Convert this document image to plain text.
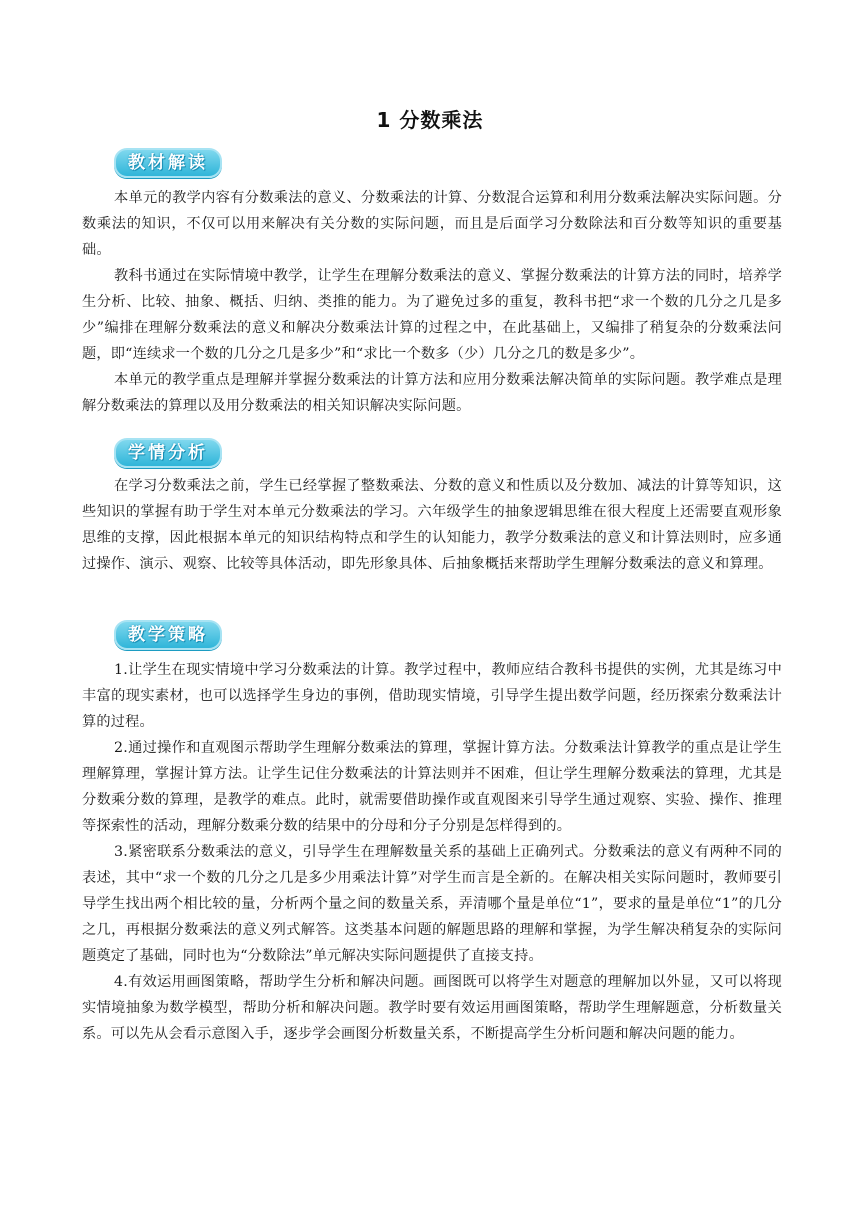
1 分数乘法
教材解读

本单元的教学内容有分数乘法的意义、分数乘法的计算、分数混合运算和利用分数乘法解决实际问题。分数乘法的知识，不仅可以用来解决有关分数的实际问题，而且是后面学习分数除法和百分数等知识的重要基础。

教科书通过在实际情境中教学，让学生在理解分数乘法的意义、掌握分数乘法的计算方法的同时，培养学生分析、比较、抽象、概括、归纳、类推的能力。为了避免过多的重复，教科书把“求一个数的几分之几是多少”编排在理解分数乘法的意义和解决分数乘法计算的过程之中，在此基础上，又编排了稍复杂的分数乘法问题，即“连续求一个数的几分之几是多少”和“求比一个数多（少）几分之几的数是多少”。

本单元的教学重点是理解并掌握分数乘法的计算方法和应用分数乘法解决简单的实际问题。教学难点是理解分数乘法的算理以及用分数乘法的相关知识解决实际问题。

学情分析

在学习分数乘法之前，学生已经掌握了整数乘法、分数的意义和性质以及分数加、减法的计算等知识，这些知识的掌握有助于学生对本单元分数乘法的学习。六年级学生的抽象逻辑思维在很大程度上还需要直观形象思维的支撑，因此根据本单元的知识结构特点和学生的认知能力，教学分数乘法的意义和计算法则时，应多通过操作、演示、观察、比较等具体活动，即先形象具体、后抽象概括来帮助学生理解分数乘法的意义和算理。

教学策略

1.让学生在现实情境中学习分数乘法的计算。教学过程中，教师应结合教科书提供的实例，尤其是练习中丰富的现实素材，也可以选择学生身边的事例，借助现实情境，引导学生提出数学问题，经历探索分数乘法计算的过程。

2.通过操作和直观图示帮助学生理解分数乘法的算理，掌握计算方法。分数乘法计算教学的重点是让学生理解算理，掌握计算方法。让学生记住分数乘法的计算法则并不困难，但让学生理解分数乘法的算理，尤其是分数乘分数的算理，是教学的难点。此时，就需要借助操作或直观图来引导学生通过观察、实验、操作、推理等探索性的活动，理解分数乘分数的结果中的分母和分子分别是怎样得到的。

3.紧密联系分数乘法的意义，引导学生在理解数量关系的基础上正确列式。分数乘法的意义有两种不同的表述，其中“求一个数的几分之几是多少用乘法计算”对学生而言是全新的。在解决相关实际问题时，教师要引导学生找出两个相比较的量，分析两个量之间的数量关系，弄清哪个量是单位“1”，要求的量是单位“1”的几分之几，再根据分数乘法的意义列式解答。这类基本问题的解题思路的理解和掌握，为学生解决稍复杂的实际问题奠定了基础，同时也为“分数除法”单元解决实际问题提供了直接支持。

4.有效运用画图策略，帮助学生分析和解决问题。画图既可以将学生对题意的理解加以外显，又可以将现实情境抽象为数学模型，帮助分析和解决问题。教学时要有效运用画图策略，帮助学生理解题意，分析数量关系。可以先从会看示意图入手，逐步学会画图分析数量关系，不断提高学生分析问题和解决问题的能力。
